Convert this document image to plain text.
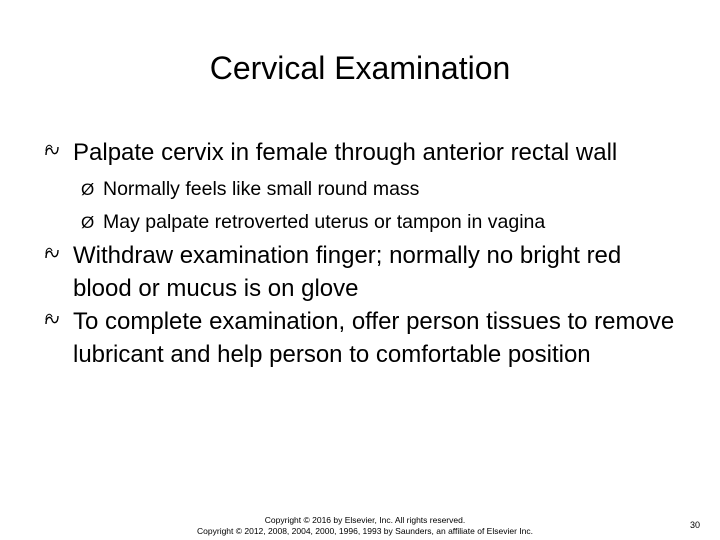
Cervical Examination
Palpate cervix in female through anterior rectal wall
Ø Normally feels like small round mass
Ø May palpate retroverted uterus or tampon in vagina
Withdraw examination finger; normally no bright red blood or mucus is on glove
To complete examination, offer person tissues to remove lubricant and help person to comfortable position
Copyright © 2016 by Elsevier, Inc. All rights reserved.
Copyright © 2012, 2008, 2004, 2000, 1996, 1993 by Saunders, an affiliate of Elsevier Inc.
30
